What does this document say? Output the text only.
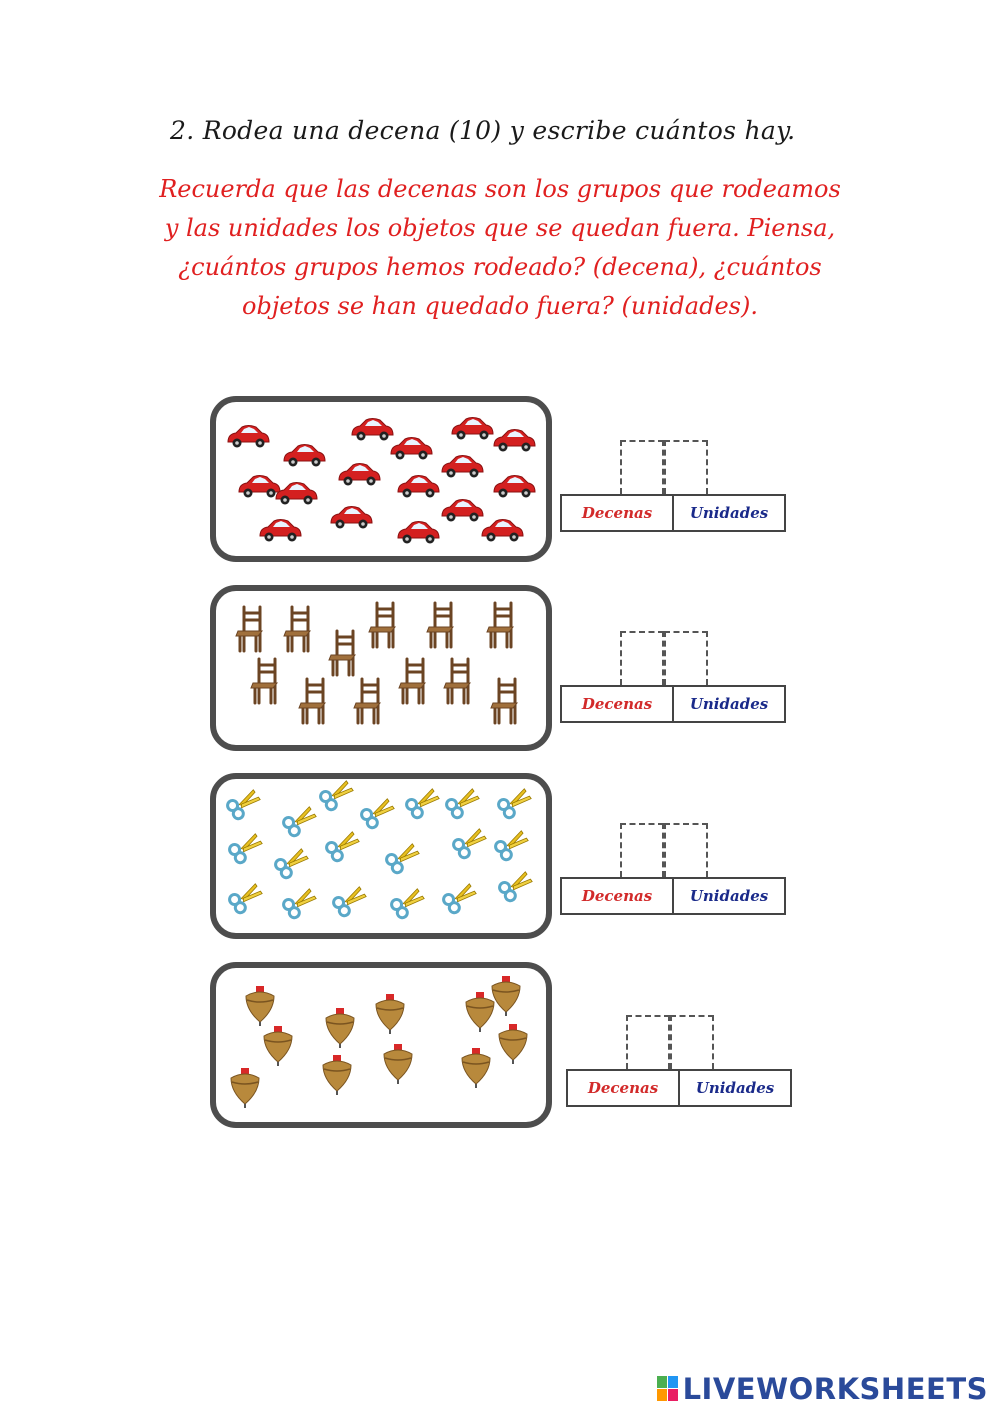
2. Rodea una decena (10) y escribe cuántos hay.
Recuerda que las decenas son los grupos que rodeamos
y las unidades los objetos que se quedan fuera. Piensa,
¿cuántos grupos hemos rodeado? (decena), ¿cuántos
objetos se han quedado fuera? (unidades).
Decenas	Unidades
Decenas	Unidades
Decenas	Unidades
Decenas	Unidades
LIVEWORKSHEETS
